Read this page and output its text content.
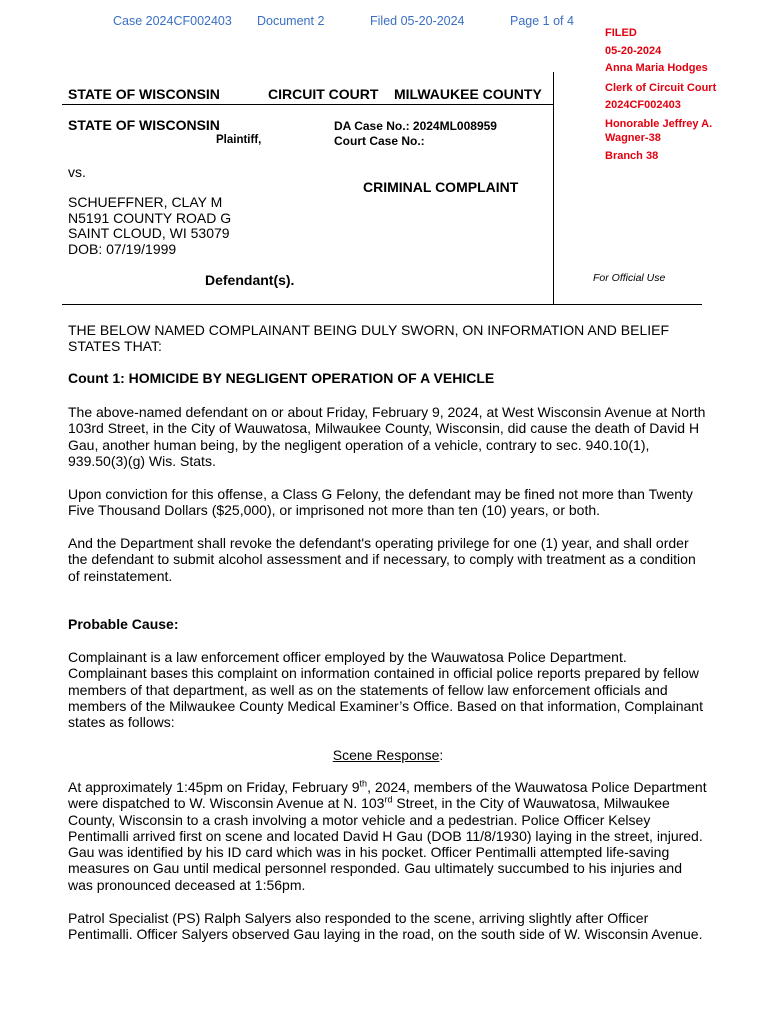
Case 2024CF002403 Document 2	Filed 05-20-2024	Page 1 of 4
FILED
05-20-2024
Anna Maria Hodges
Clerk of Circuit Court
2024CF002403
Honorable Jeffrey A.
Wagner-38
Branch 38
STATE OF WISCONSIN	CIRCUIT COURT MILWAUKEE COUNTY
STATE OF WISCONSIN
Plaintiff,
DA Case No.: 2024ML008959
Court Case No.:
vs.
CRIMINAL COMPLAINT
SCHUEFFNER, CLAY M
N5191 COUNTY ROAD G
SAINT CLOUD, WI 53079
DOB: 07/19/1999
Defendant(s).	For Official Use

THE BELOW NAMED COMPLAINANT BEING DULY SWORN, ON INFORMATION AND BELIEF STATES THAT:

Count 1: HOMICIDE BY NEGLIGENT OPERATION OF A VEHICLE

The above-named defendant on or about Friday, February 9, 2024, at West Wisconsin Avenue at North 103rd Street, in the City of Wauwatosa, Milwaukee County, Wisconsin, did cause the death of David H Gau, another human being, by the negligent operation of a vehicle, contrary to sec. 940.10(1), 939.50(3)(g) Wis. Stats.

Upon conviction for this offense, a Class G Felony, the defendant may be fined not more than Twenty Five Thousand Dollars ($25,000), or imprisoned not more than ten (10) years, or both.

And the Department shall revoke the defendant's operating privilege for one (1) year, and shall order the defendant to submit alcohol assessment and if necessary, to comply with treatment as a condition of reinstatement.

Probable Cause:

Complainant is a law enforcement officer employed by the Wauwatosa Police Department. Complainant bases this complaint on information contained in official police reports prepared by fellow members of that department, as well as on the statements of fellow law enforcement officials and members of the Milwaukee County Medical Examiner’s Office. Based on that information, Complainant states as follows:

Scene Response:

At approximately 1:45pm on Friday, February 9th, 2024, members of the Wauwatosa Police Department were dispatched to W. Wisconsin Avenue at N. 103rd Street, in the City of Wauwatosa, Milwaukee County, Wisconsin to a crash involving a motor vehicle and a pedestrian. Police Officer Kelsey Pentimalli arrived first on scene and located David H Gau (DOB 11/8/1930) laying in the street, injured. Gau was identified by his ID card which was in his pocket. Officer Pentimalli attempted life-saving measures on Gau until medical personnel responded. Gau ultimately succumbed to his injuries and was pronounced deceased at 1:56pm.

Patrol Specialist (PS) Ralph Salyers also responded to the scene, arriving slightly after Officer Pentimalli. Officer Salyers observed Gau laying in the road, on the south side of W. Wisconsin Avenue.
